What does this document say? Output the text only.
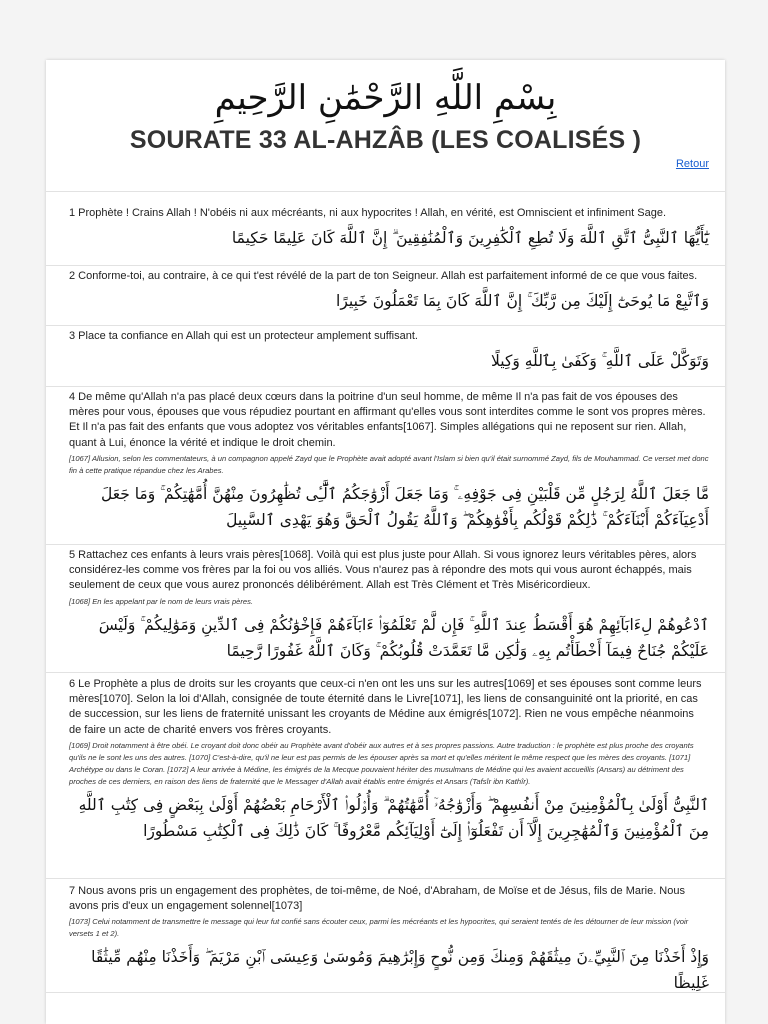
بِسْمِ اللَّهِ الرَّحْمَٰنِ الرَّحِيمِ
SOURATE 33 AL-AHZÂB (LES COALISÉS )
Retour
1 Prophète ! Crains Allah ! N'obéis ni aux mécréants, ni aux hypocrites ! Allah, en vérité, est Omniscient et infiniment Sage.
يَٰٓأَيُّهَا ٱلنَّبِىُّ ٱتَّقِ ٱللَّهَ وَلَا تُطِعِ ٱلْكَٰفِرِينَ وَٱلْمُنَٰفِقِينَ ۗ إِنَّ ٱللَّهَ كَانَ عَلِيمًا حَكِيمًا
2 Conforme-toi, au contraire, à ce qui t'est révélé de la part de ton Seigneur. Allah est parfaitement informé de ce que vous faites.
وَٱتَّبِعْ مَا يُوحَىٰٓ إِلَيْكَ مِن رَّبِّكَ ۚ إِنَّ ٱللَّهَ كَانَ بِمَا تَعْمَلُونَ خَبِيرًا
3 Place ta confiance en Allah qui est un protecteur amplement suffisant.
وَتَوَكَّلْ عَلَى ٱللَّهِ ۚ وَكَفَىٰ بِٱللَّهِ وَكِيلًا
4 De même qu'Allah n'a pas placé deux cœurs dans la poitrine d'un seul homme, de même Il n'a pas fait de vos épouses des mères pour vous, épouses que vous répudiez pourtant en affirmant qu'elles vous sont interdites comme le sont vos propres mères. Et Il n'a pas fait des enfants que vous adoptez vos véritables enfants[1067]. Simples allégations qui ne reposent sur rien. Allah, quant à Lui, énonce la vérité et indique le droit chemin.
[1067] Allusion, selon les commentateurs, à un compagnon appelé Zayd que le Prophète avait adopté avant l'Islam si bien qu'il était surnommé Zayd, fils de Mouhammad. Ce verset met donc fin à cette pratique répandue chez les Arabes.
مَّا جَعَلَ ٱللَّهُ لِرَجُلٍ مِّن قَلْبَيْنِ فِى جَوْفِهِۦ ۚ وَمَا جَعَلَ أَزْوَٰجَكُمُ ٱلَّٰٓـِٔى تُظَٰهِرُونَ مِنْهُنَّ أُمَّهَٰتِكُمْ ۚ وَمَا جَعَلَ أَدْعِيَآءَكُمْ أَبْنَآءَكُمْ ۚ ذَٰلِكُمْ قَوْلُكُم بِأَفْوَٰهِكُمْ ۖ وَٱللَّهُ يَقُولُ ٱلْحَقَّ وَهُوَ يَهْدِى ٱلسَّبِيلَ
5 Rattachez ces enfants à leurs vrais pères[1068]. Voilà qui est plus juste pour Allah. Si vous ignorez leurs véritables pères, alors considérez-les comme vos frères par la foi ou vos alliés. Vous n'aurez pas à répondre des mots qui vous auront échappés, mais seulement de ceux que vous aurez prononcés délibérément. Allah est Très Clément et Très Miséricordieux.
[1068] En les appelant par le nom de leurs vrais pères.
ٱدْعُوهُمْ لِءَابَآئِهِمْ هُوَ أَقْسَطُ عِندَ ٱللَّهِ ۚ فَإِن لَّمْ تَعْلَمُوٓا۟ ءَابَآءَهُمْ فَإِخْوَٰنُكُمْ فِى ٱلدِّينِ وَمَوَٰلِيكُمْ ۚ وَلَيْسَ عَلَيْكُمْ جُنَاحٌ فِيمَآ أَخْطَأْتُم بِهِۦ وَلَٰكِن مَّا تَعَمَّدَتْ قُلُوبُكُمْ ۚ وَكَانَ ٱللَّهُ غَفُورًا رَّحِيمًا
6 Le Prophète a plus de droits sur les croyants que ceux-ci n'en ont les uns sur les autres[1069] et ses épouses sont comme leurs mères[1070]. Selon la loi d'Allah, consignée de toute éternité dans le Livre[1071], les liens de consanguinité ont la priorité, en cas de succession, sur les liens de fraternité unissant les croyants de Médine aux émigrés[1072]. Rien ne vous empêche néanmoins de faire un acte de charité envers vos frères croyants.
[1069] Droit notamment à être obéi. Le croyant doit donc obéir au Prophète avant d'obéir aux autres et à ses propres passions. Autre traduction : le prophète est plus proche des croyants qu'ils ne le sont les uns des autres. [1070] C'est-à-dire, qu'il ne leur est pas permis de les épouser après sa mort et qu'elles méritent le même respect que les mères des croyants. [1071] Archétype ou dans le Coran. [1072] A leur arrivée à Médine, les émigrés de la Mecque pouvaient hériter des musulmans de Médine qui les avaient accueillis (Ansars) au détriment des proches de ces derniers, en raison des liens de fraternité que le Messager d'Allah avait établis entre émigrés et Ansars (Tafsîr ibn Kathîr).
ٱلنَّبِىُّ أَوْلَىٰ بِٱلْمُؤْمِنِينَ مِنْ أَنفُسِهِمْ ۖ وَأَزْوَٰجُهُۥٓ أُمَّهَٰتُهُمْ ۗ وَأُو۟لُوا۟ ٱلْأَرْحَامِ بَعْضُهُمْ أَوْلَىٰ بِبَعْضٍ فِى كِتَٰبِ ٱللَّهِ مِنَ ٱلْمُؤْمِنِينَ وَٱلْمُهَٰجِرِينَ إِلَّآ أَن تَفْعَلُوٓا۟ إِلَىٰٓ أَوْلِيَآئِكُم مَّعْرُوفًا ۚ كَانَ ذَٰلِكَ فِى ٱلْكِتَٰبِ مَسْطُورًا
7 Nous avons pris un engagement des prophètes, de toi-même, de Noé, d'Abraham, de Moïse et de Jésus, fils de Marie. Nous avons pris d'eux un engagement solennel[1073]
[1073] Celui notamment de transmettre le message qui leur fut confié sans écouter ceux, parmi les mécréants et les hypocrites, qui seraient tentés de les détourner de leur mission (voir versets 1 et 2).
وَإِذْ أَخَذْنَا مِنَ ٱلنَّبِيِّۦنَ مِيثَٰقَهُمْ وَمِنكَ وَمِن نُّوحٍ وَإِبْرَٰهِيمَ وَمُوسَىٰ وَعِيسَى ٱبْنِ مَرْيَمَ ۖ وَأَخَذْنَا مِنْهُم مِّيثَٰقًا غَلِيظًا
